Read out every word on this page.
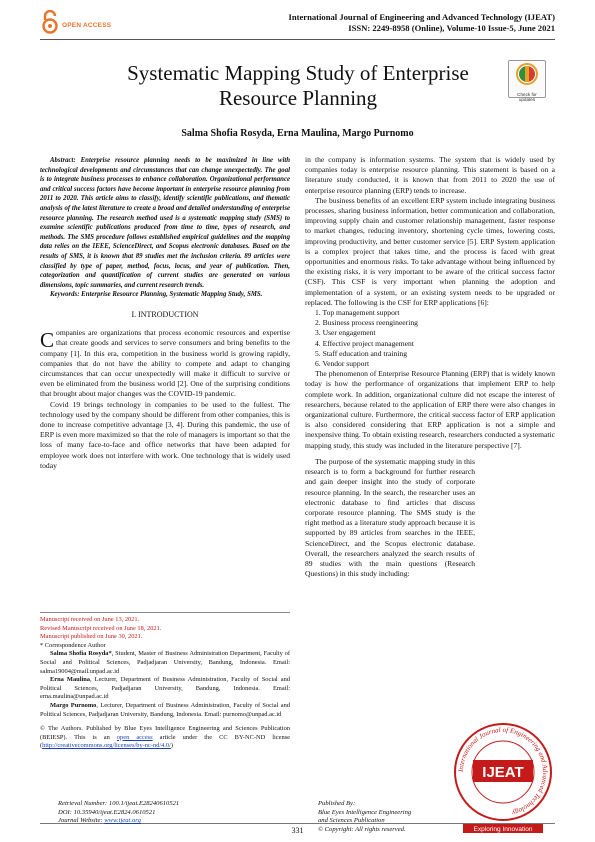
OPEN ACCESS
International Journal of Engineering and Advanced Technology (IJEAT)
ISSN: 2249-8958 (Online), Volume-10 Issue-5, June 2021
Systematic Mapping Study of Enterprise
Resource Planning	Check for updates
Salma Shofia Rosyda, Erna Maulina, Margo Purnomo

Abstract: Enterprise resource planning needs to be maximized in line with technological developments and circumstances that can change unexpectedly. The goal is to integrate business processes to enhance collaboration. Organizational performance and critical success factors have become important in enterprise resource planning from 2011 to 2020. This article aims to classify, identify scientific publications, and thematic analysis of the latest literature to create a broad and detailed understanding of enterprise resource planning. The research method used is a systematic mapping study (SMS) to examine scientific publications produced from time to time, types of research, and methods. The SMS procedure follows established empirical guidelines and the mapping data relies on the IEEE, ScienceDirect, and Scopus electronic databases. Based on the results of SMS, it is known that 89 studies met the inclusion criteria. 89 articles were classified by type of paper, method, focus, locus, and year of publication. Then, categorization and quantification of current studies are generated on various dimensions, topic summaries, and current research trends.

Keywords: Enterprise Resource Planning, Systematic Mapping Study, SMS.

I. INTRODUCTION

Companies are organizations that process economic resources and expertise that create goods and services to serve consumers and bring benefits to the company [1]. In this era, competition in the business world is growing rapidly, companies that do not have the ability to compete and adapt to changing circumstances that can occur unexpectedly will make it difficult to survive or even be eliminated from the business world [2]. One of the surprising conditions that brought about major changes was the COVID-19 pandemic.

Covid 19 brings technology in companies to be used to the fullest. The technology used by the company should be different from other companies, this is done to increase competitive advantage [3, 4]. During this pandemic, the use of ERP is even more maximized so that the role of managers is important so that the loss of many face-to-face and office networks that have been adapted for employee work does not interfere with work. One technology that is widely used today

Manuscript received on June 13, 2021.
Revised Manuscript received on June 18, 2021.
Manuscript published on June 30, 2021.
* Correspondence Author

Salma Shofia Rosyda*, Student, Master of Business Administration Department, Faculty of Social and Political Sciences, Padjadjaran University, Bandung, Indonesia. Email: salma19004@mail.unpad.ac.id

Erna Maulina, Lecturer, Department of Business Administration, Faculty of Social and Political Sciences, Padjadjaran University, Bandung, Indonesia. Email: erna.maulina@unpad.ac.id

Margo Purnomo, Lecturer, Department of Business Administration, Faculty of Social and Political Sciences, Padjadjaran University, Bandung, Indonesia. Email: purnomo@unpad.ac.id

© The Authors. Published by Blue Eyes Intelligence Engineering and Sciences Publication (BEIESP). This is an open access article under the CC BY-NC-ND license (http://creativecommons.org/licenses/by-nc-nd/4.0/)

in the company is information systems. The system that is widely used by companies today is enterprise resource planning. This statement is based on a literature study conducted, it is known that from 2011 to 2020 the use of enterprise resource planning (ERP) tends to increase.

The business benefits of an excellent ERP system include integrating business processes, sharing business information, better communication and collaboration, improving supply chain and customer relationship management, faster response to market changes, reducing inventory, shortening cycle times, lowering costs, improving productivity, and better customer service [5]. ERP System application is a complex project that takes time, and the process is faced with great opportunities and enormous risks. To take advantage without being influenced by the existing risks, it is very important to be aware of the critical success factor (CSF). This CSF is very important when planning the adoption and implementation of a system, or an existing system needs to be upgraded or replaced. The following is the CSF for ERP applications [6]:

1. Top management support
2. Business process reengineering
3. User engagement
4. Effective project management
5. Staff education and training
6. Vendor support

The phenomenon of Enterprise Resource Planning (ERP) that is widely known today is how the performance of organizations that implement ERP to help complete work. In addition, organizational culture did not escape the interest of researchers, because related to the application of ERP there were also changes in organizational culture. Furthermore, the critical success factor of ERP application is also considered considering that ERP application is not a simple and inexpensive thing. To obtain existing research, researchers conducted a systematic mapping study, this study was included in the literature perspective [7].

The purpose of the systematic mapping study in this research is to form a background for further research and gain deeper insight into the study of corporate resource planning. In the search, the researcher uses an electronic database to find articles that discuss corporate resource planning. The SMS study is the right method as a literature study approach because it is supported by 89 articles from searches in the IEEE, ScienceDirect, and the Scopus electronic database. Overall, the researchers analyzed the search results of 89 studies with the main questions (Research Questions) in this study including:

International Journal of Engineering and Advanced Technology
IJEAT
Exploring Innovation
Retrieval Number: 100.1/ijeat.E28240610521
DOI: 10.35940/ijeat.E2824.0610521
Journal Website: www.ijeat.org
331
Published By:
Blue Eyes Intelligence Engineering
and Sciences Publication
© Copyright: All rights reserved.
